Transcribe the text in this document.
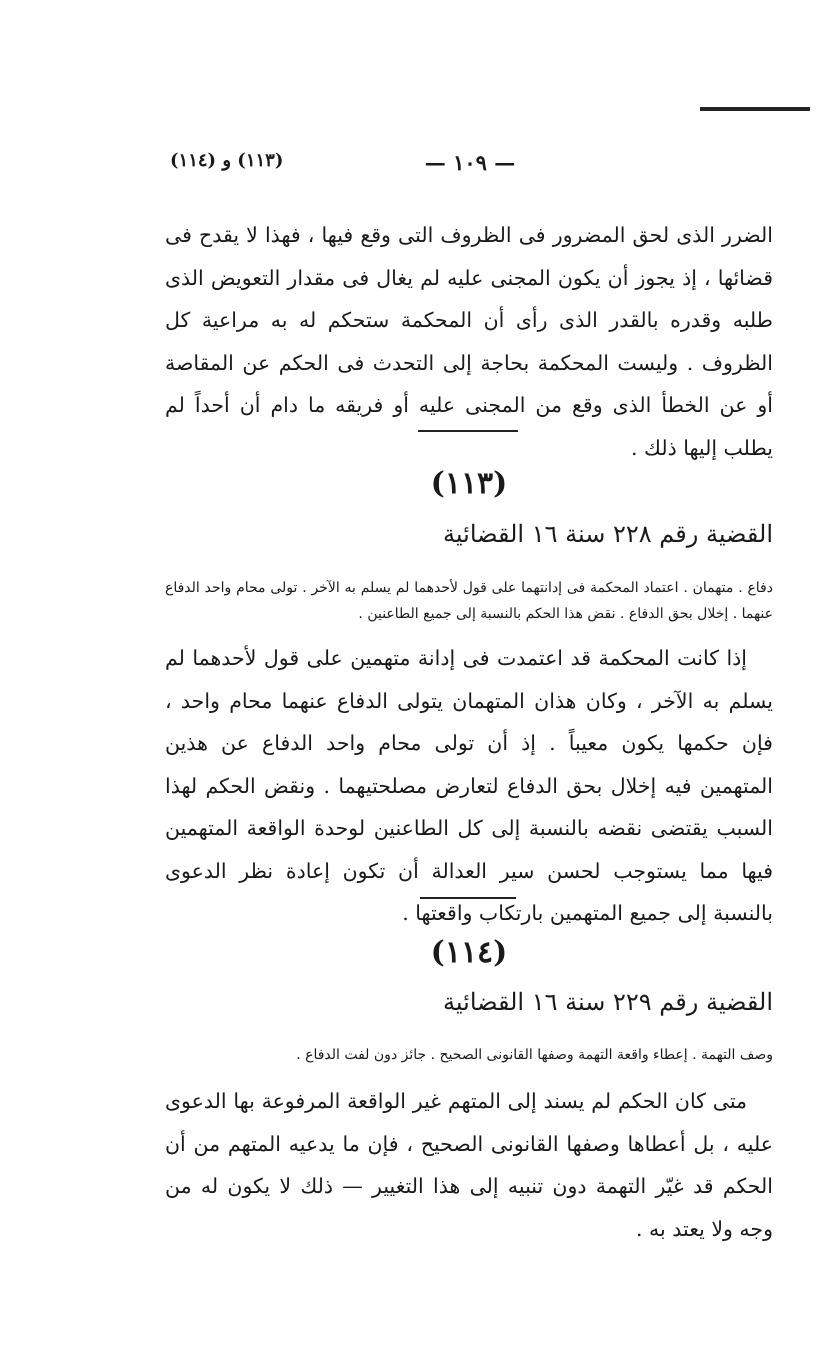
— ١٠٩ —
(١١٣) و (١١٤)
الضرر الذى لحق المضرور فى الظروف التى وقع فيها ، فهذا لا يقدح فى قضائها ، إذ يجوز أن يكون المجنى عليه لم يغال فى مقدار التعويض الذى طلبه وقدره بالقدر الذى رأى أن المحكمة ستحكم له به مراعية كل الظروف . وليست المحكمة بحاجة إلى التحدث فى الحكم عن المقاصة أو عن الخطأ الذى وقع من المجنى عليه أو فريقه ما دام أن أحداً لم يطلب إليها ذلك .
(١١٣)
القضية رقم ٢٢٨ سنة ١٦ القضائية
دفاع . متهمان . اعتماد المحكمة فى إدانتهما على قول لأحدهما لم يسلم به الآخر . تولى محام واحد الدفاع عنهما . إخلال بحق الدفاع . نقض هذا الحكم بالنسبة إلى جميع الطاعنين .
إذا كانت المحكمة قد اعتمدت فى إدانة متهمين على قول لأحدهما لم يسلم به الآخر ، وكان هذان المتهمان يتولى الدفاع عنهما محام واحد ، فإن حكمها يكون معيباً . إذ أن تولى محام واحد الدفاع عن هذين المتهمين فيه إخلال بحق الدفاع لتعارض مصلحتيهما . ونقض الحكم لهذا السبب يقتضى نقضه بالنسبة إلى كل الطاعنين لوحدة الواقعة المتهمين فيها مما يستوجب لحسن سير العدالة أن تكون إعادة نظر الدعوى بالنسبة إلى جميع المتهمين بارتكاب واقعتها .
(١١٤)
القضية رقم ٢٢٩ سنة ١٦ القضائية
وصف التهمة . إعطاء واقعة التهمة وصفها القانونى الصحيح . جائز دون لفت الدفاع .
متى كان الحكم لم يسند إلى المتهم غير الواقعة المرفوعة بها الدعوى عليه ، بل أعطاها وصفها القانونى الصحيح ، فإن ما يدعيه المتهم من أن الحكم قد غيّر التهمة دون تنبيه إلى هذا التغيير — ذلك لا يكون له من وجه ولا يعتد به .
